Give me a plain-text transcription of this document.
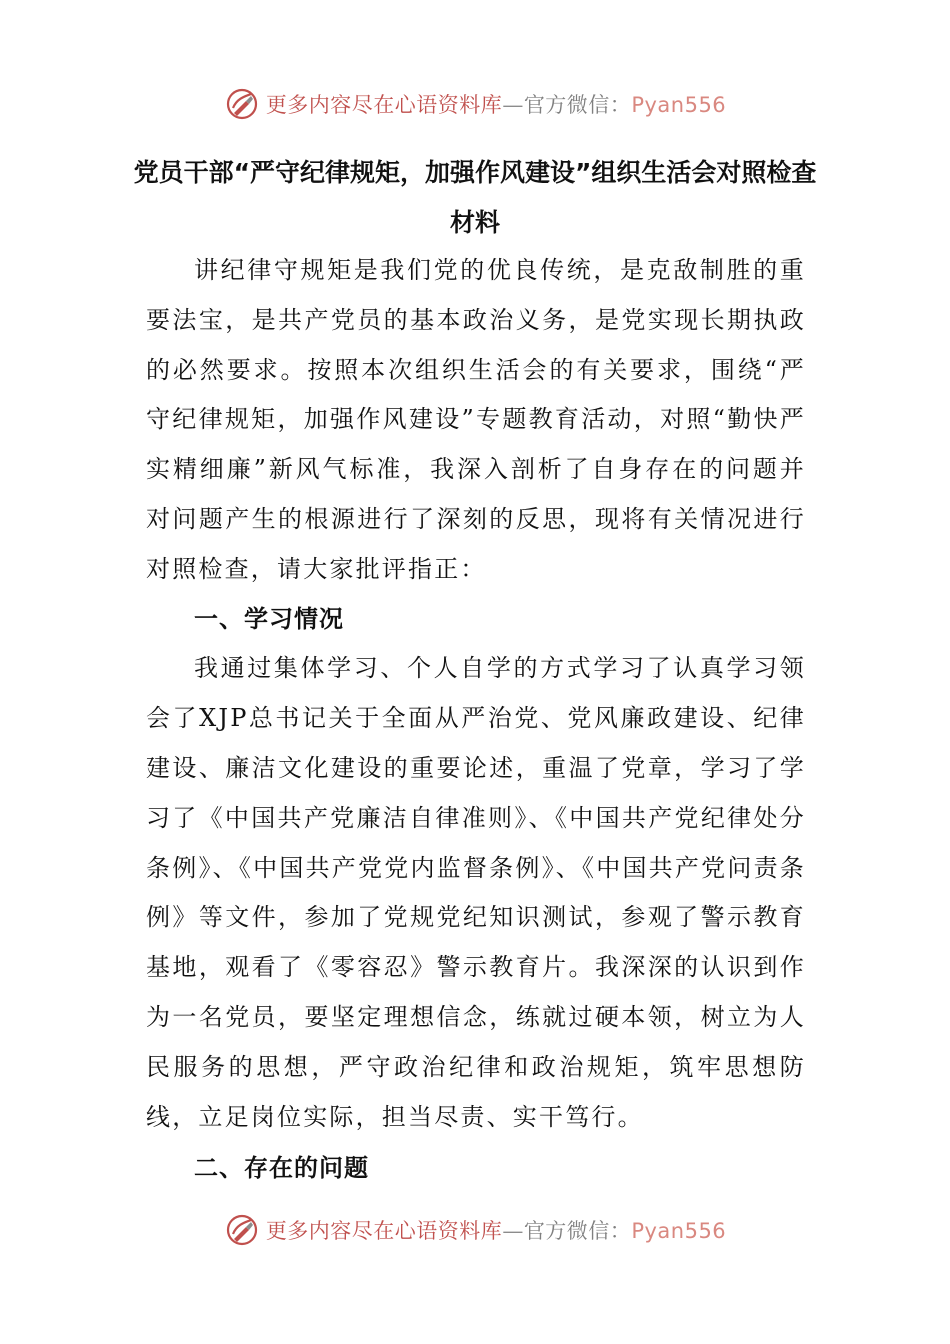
更多内容尽在心语资料库—官方微信：Pyan556
党员干部“严守纪律规矩，加强作风建设”组织生活会对照检查材料

讲纪律守规矩是我们党的优良传统，是克敌制胜的重要法宝，是共产党员的基本政治义务，是党实现长期执政的必然要求。按照本次组织生活会的有关要求，围绕“严守纪律规矩，加强作风建设”专题教育活动，对照“勤快严实精细廉”新风气标准，我深入剖析了自身存在的问题并对问题产生的根源进行了深刻的反思，现将有关情况进行对照检查，请大家批评指正：

一、学习情况

我通过集体学习、个人自学的方式学习了认真学习领会了XJP总书记关于全面从严治党、党风廉政建设、纪律建设、廉洁文化建设的重要论述，重温了党章，学习了学习了《中国共产党廉洁自律准则》、《中国共产党纪律处分条例》、《中国共产党党内监督条例》、《中国共产党问责条例》等文件，参加了党规党纪知识测试，参观了警示教育基地，观看了《零容忍》警示教育片。我深深的认识到作为一名党员，要坚定理想信念，练就过硬本领，树立为人民服务的思想，严守政治纪律和政治规矩，筑牢思想防线，立足岗位实际，担当尽责、实干笃行。

二、存在的问题

更多内容尽在心语资料库—官方微信：Pyan556
